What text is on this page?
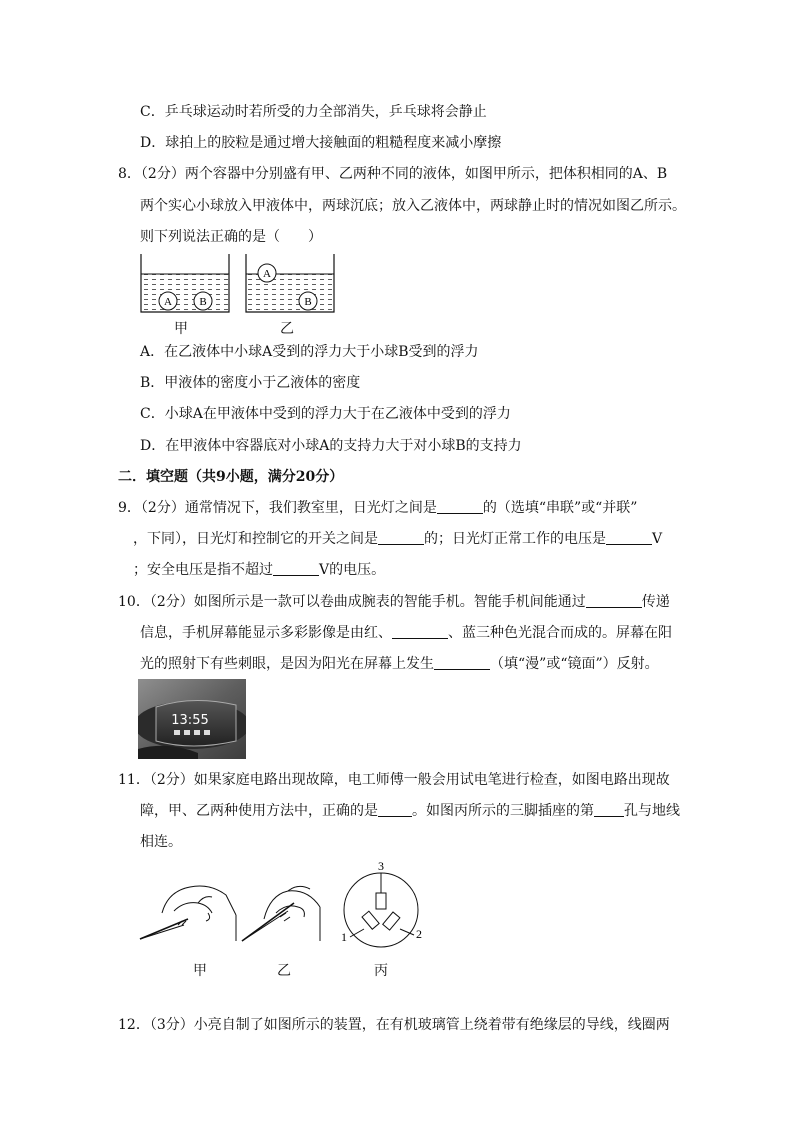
C．乒乓球运动时若所受的力全部消失，乒乓球将会静止
D．球拍上的胶粒是通过增大接触面的粗糙程度来减小摩擦
8．（2分）两个容器中分别盛有甲、乙两种不同的液体，如图甲所示，把体积相同的A、B
两个实心小球放入甲液体中，两球沉底；放入乙液体中，两球静止时的情况如图乙所示。
则下列说法正确的是（　　）
A B
A
B
甲	乙
A．在乙液体中小球A受到的浮力大于小球B受到的浮力
B．甲液体的密度小于乙液体的密度
C．小球A在甲液体中受到的浮力大于在乙液体中受到的浮力
D．在甲液体中容器底对小球A的支持力大于对小球B的支持力
二．填空题（共9小题，满分20分）
9．（2分）通常情况下，我们教室里，日光灯之间是	的（选填“串联”或“并联”
，下同），日光灯和控制它的开关之间是	的；日光灯正常工作的电压是	V
；安全电压是指不超过	V的电压。
10．（2分）如图所示是一款可以卷曲成腕表的智能手机。智能手机间能通过	传递
信息，手机屏幕能显示多彩影像是由红、	、蓝三种色光混合而成的。屏幕在阳
光的照射下有些刺眼，是因为阳光在屏幕上发生	（填“漫”或“镜面”）反射。
13:55
11．（2分）如果家庭电路出现故障，电工师傅一般会用试电笔进行检查，如图电路出现故
障，甲、乙两种使用方法中，正确的是 。如图丙所示的三脚插座的第 孔与地线
相连。
3
1	2
甲	乙	丙
12．（3分）小亮自制了如图所示的装置，在有机玻璃管上绕着带有绝缘层的导线，线圈两
